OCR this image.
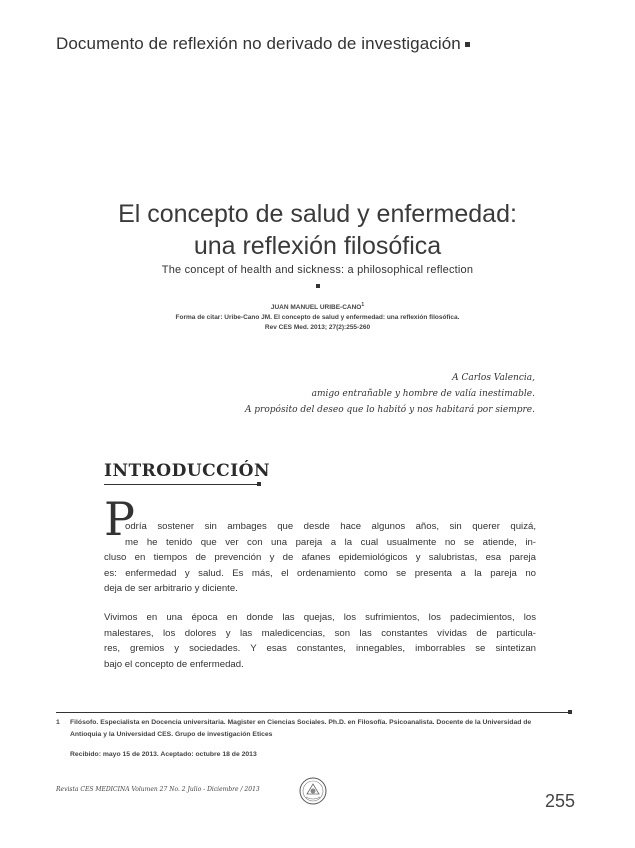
Documento de reflexión no derivado de investigación
El concepto de salud y enfermedad:
una reflexión filosófica
The concept of health and sickness: a philosophical reflection
JUAN MANUEL URIBE-CANO$^1$
Forma de citar: Uribe-Cano JM. El concepto de salud y enfermedad: una reflexión filosófica.
Rev CES Med. 2013; 27(2):255-260
A Carlos Valencia,
amigo entrañable y hombre de valía inestimable.
A propósito del deseo que lo habitó y nos habitará por siempre.
INTRODUCCIÓN
P
odría sostener sin ambages que desde hace algunos años, sin querer quizá,
me he tenido que ver con una pareja a la cual usualmente no se atiende, in-
cluso en tiempos de prevención y de afanes epidemiológicos y salubristas, esa pareja
es: enfermedad y salud. Es más, el ordenamiento como se presenta a la pareja no
deja de ser arbitrario y diciente.
Vivimos en una época en donde las quejas, los sufrimientos, los padecimientos, los
malestares, los dolores y las maledicencias, son las constantes vívidas de particula-
res, gremios y sociedades. Y esas constantes, innegables, imborrables se sintetizan
bajo el concepto de enfermedad.
1	Filósofo. Especialista en Docencia universitaria. Magister en Ciencias Sociales. Ph.D. en Filosofía. Psicoanalista. Docente de la Universidad de
Antioquia y la Universidad CES. Grupo de investigación Etices
Recibido: mayo 15 de 2013. Aceptado: octubre 18 de 2013
Revista CES MEDICINA Volumen 27 No. 2 Julio - Diciembre / 2013
255
